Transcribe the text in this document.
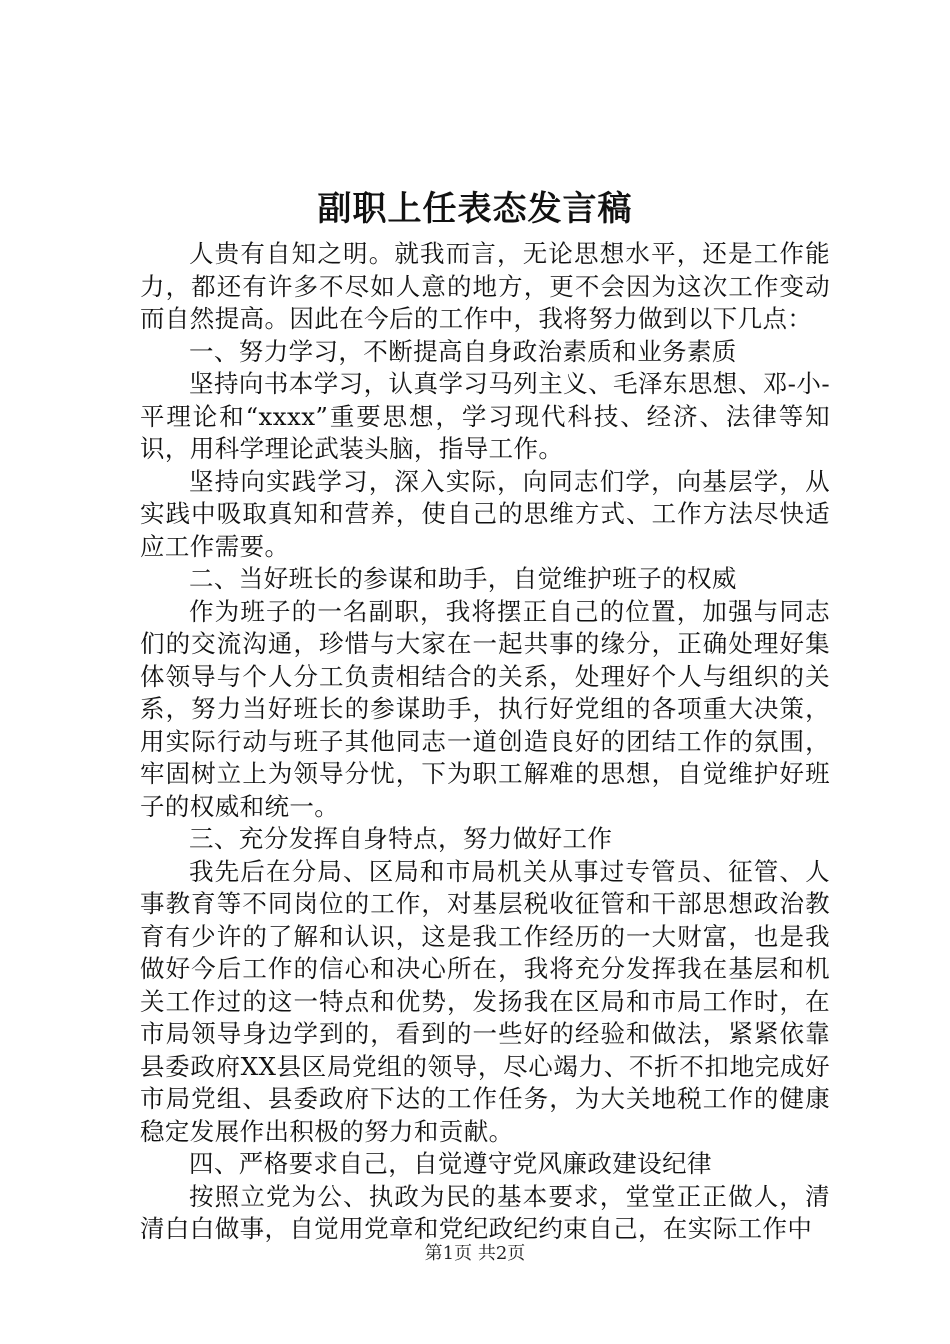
副职上任表态发言稿

人贵有自知之明。就我而言，无论思想水平，还是工作能力，都还有许多不尽如人意的地方，更不会因为这次工作变动而自然提高。因此在今后的工作中，我将努力做到以下几点：

一、努力学习，不断提高自身政治素质和业务素质

坚持向书本学习，认真学习马列主义、毛泽东思想、邓-小-平理论和“xxxx”重要思想，学习现代科技、经济、法律等知识，用科学理论武装头脑，指导工作。

坚持向实践学习，深入实际，向同志们学，向基层学，从实践中吸取真知和营养，使自己的思维方式、工作方法尽快适应工作需要。

二、当好班长的参谋和助手，自觉维护班子的权威

作为班子的一名副职，我将摆正自己的位置，加强与同志们的交流沟通，珍惜与大家在一起共事的缘分，正确处理好集体领导与个人分工负责相结合的关系，处理好个人与组织的关系，努力当好班长的参谋助手，执行好党组的各项重大决策，用实际行动与班子其他同志一道创造良好的团结工作的氛围，牢固树立上为领导分忧，下为职工解难的思想，自觉维护好班子的权威和统一。

三、充分发挥自身特点，努力做好工作

我先后在分局、区局和市局机关从事过专管员、征管、人事教育等不同岗位的工作，对基层税收征管和干部思想政治教育有少许的了解和认识，这是我工作经历的一大财富，也是我做好今后工作的信心和决心所在，我将充分发挥我在基层和机关工作过的这一特点和优势，发扬我在区局和市局工作时，在市局领导身边学到的，看到的一些好的经验和做法，紧紧依靠县委政府XX县区局党组的领导，尽心竭力、不折不扣地完成好市局党组、县委政府下达的工作任务，为大关地税工作的健康稳定发展作出积极的努力和贡献。

四、严格要求自己，自觉遵守党风廉政建设纪律

按照立党为公、执政为民的基本要求，堂堂正正做人，清清白白做事，自觉用党章和党纪政纪约束自己，在实际工作中

第1页 共2页
